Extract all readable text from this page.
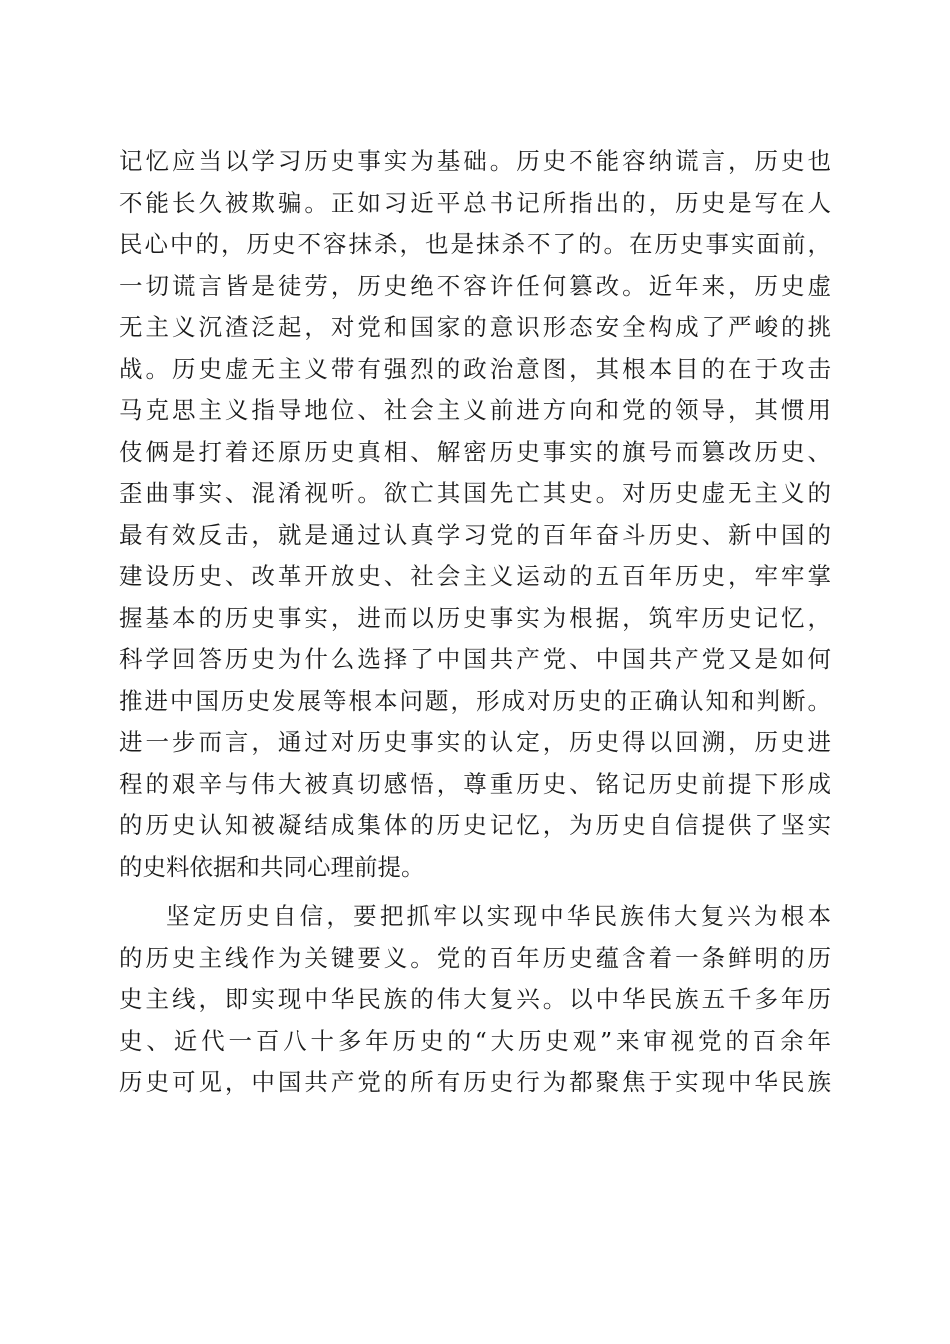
记忆应当以学习历史事实为基础。历史不能容纳谎言，历史也
不能长久被欺骗。正如习近平总书记所指出的，历史是写在人
民心中的，历史不容抹杀，也是抹杀不了的。在历史事实面前，
一切谎言皆是徒劳，历史绝不容许任何篡改。近年来，历史虚
无主义沉渣泛起，对党和国家的意识形态安全构成了严峻的挑
战。历史虚无主义带有强烈的政治意图，其根本目的在于攻击
马克思主义指导地位、社会主义前进方向和党的领导，其惯用
伎俩是打着还原历史真相、解密历史事实的旗号而篡改历史、
歪曲事实、混淆视听。欲亡其国先亡其史。对历史虚无主义的
最有效反击，就是通过认真学习党的百年奋斗历史、新中国的
建设历史、改革开放史、社会主义运动的五百年历史，牢牢掌
握基本的历史事实，进而以历史事实为根据，筑牢历史记忆，
科学回答历史为什么选择了中国共产党、中国共产党又是如何
推进中国历史发展等根本问题，形成对历史的正确认知和判断。
进一步而言，通过对历史事实的认定，历史得以回溯，历史进
程的艰辛与伟大被真切感悟，尊重历史、铭记历史前提下形成
的历史认知被凝结成集体的历史记忆，为历史自信提供了坚实
的史料依据和共同心理前提。
坚定历史自信，要把抓牢以实现中华民族伟大复兴为根本
的历史主线作为关键要义。党的百年历史蕴含着一条鲜明的历
史主线，即实现中华民族的伟大复兴。以中华民族五千多年历
史、近代一百八十多年历史的“大历史观”来审视党的百余年
历史可见，中国共产党的所有历史行为都聚焦于实现中华民族
